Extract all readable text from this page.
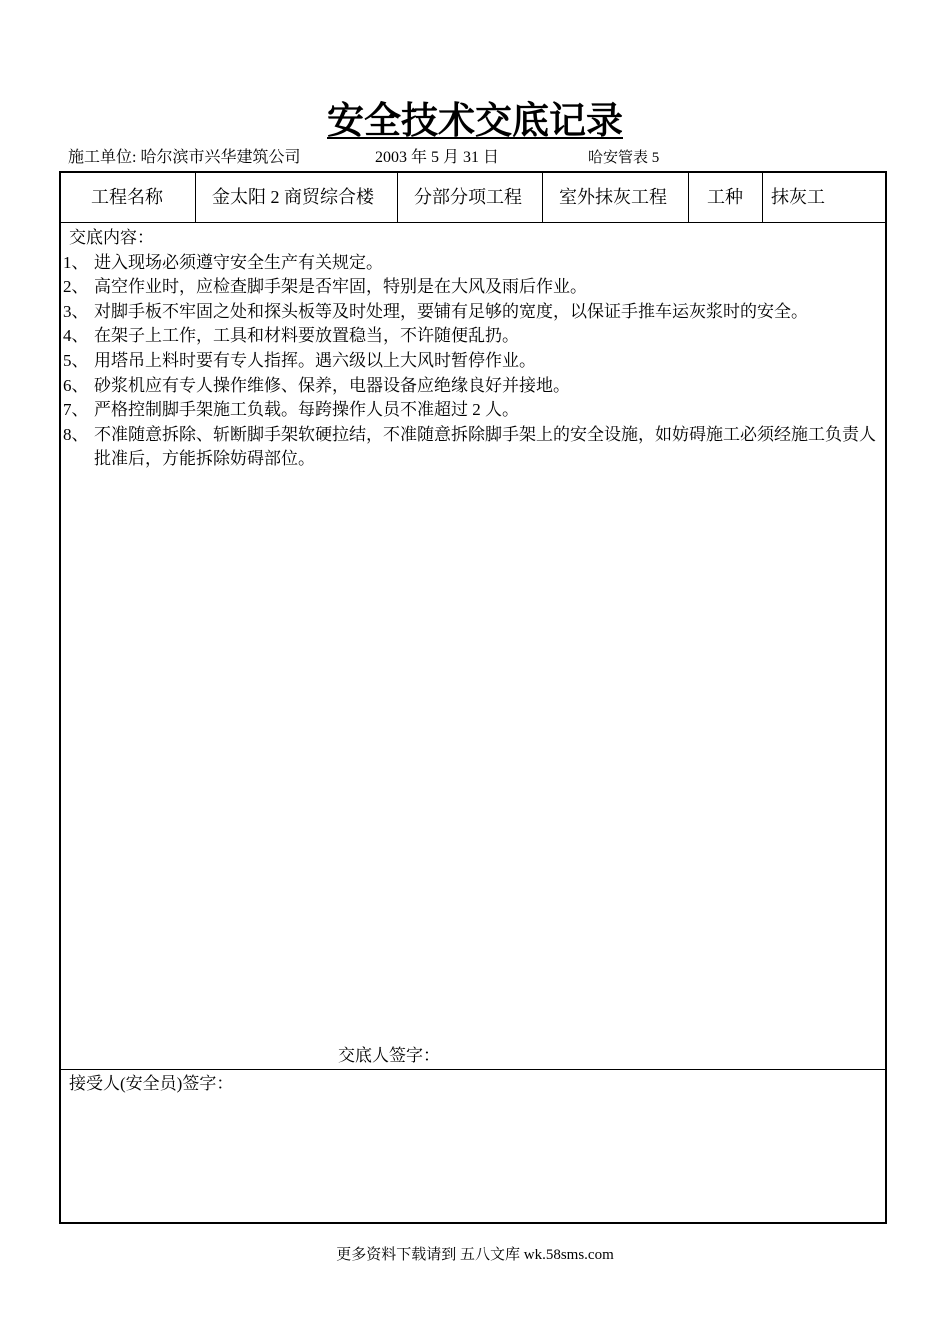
安全技术交底记录
施工单位: 哈尔滨市兴华建筑公司	2003 年 5 月 31 日	哈安管表 5
工程名称	金太阳 2 商贸综合楼	分部分项工程	室外抹灰工程	工种	抹灰工
交底内容：
1、 进入现场必须遵守安全生产有关规定。
2、 高空作业时，应检查脚手架是否牢固，特别是在大风及雨后作业。
3、 对脚手板不牢固之处和探头板等及时处理，要铺有足够的宽度，以保证手推车运灰浆时的安全。
4、 在架子上工作，工具和材料要放置稳当，不许随便乱扔。
5、 用塔吊上料时要有专人指挥。遇六级以上大风时暂停作业。
6、 砂浆机应有专人操作维修、保养，电器设备应绝缘良好并接地。
7、 严格控制脚手架施工负载。每跨操作人员不准超过 2 人。
8、 不准随意拆除、斩断脚手架软硬拉结，不准随意拆除脚手架上的安全设施，如妨碍施工必须经施工负责人批准后，方能拆除妨碍部位。
交底人签字：
接受人(安全员)签字：
更多资料下载请到 五八文库 wk.58sms.com
